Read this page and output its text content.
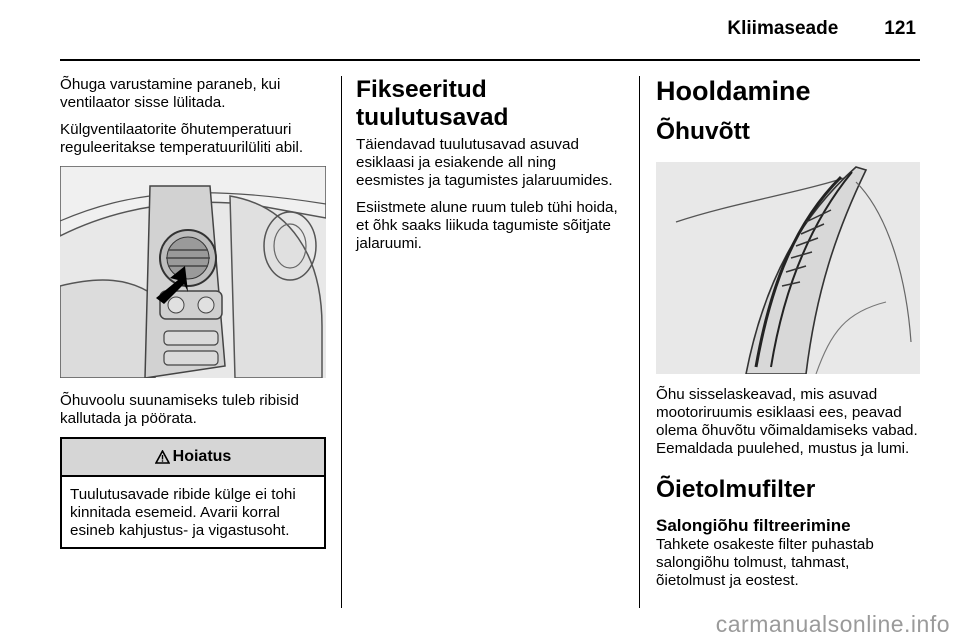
Kliimaseade 121

Õhuga varustamine paraneb, kui ventilaator sisse lülitada.

Külgventilaatorite õhutemperatuuri reguleeritakse temperatuurilüliti abil.

Õhuvoolu suunamiseks tuleb ribisid kallutada ja pöörata.

Hoiatus
Tuulutusavade ribide külge ei tohi kinnitada esemeid. Avarii korral esineb kahjustus- ja vigastusoht.
Fikseeritud tuulutusavad

Täiendavad tuulutusavad asuvad esiklaasi ja esiakende all ning eesmistes ja tagumistes jalaruumides.

Esiistmete alune ruum tuleb tühi hoida, et õhk saaks liikuda tagumiste sõitjate jalaruumi.

Hooldamine
Õhuvõtt

Õhu sisselaskeavad, mis asuvad mootoriruumis esiklaasi ees, peavad olema õhuvõtu võimaldamiseks vabad. Eemaldada puulehed, mustus ja lumi.

Õietolmufilter
Salongiõhu filtreerimine

Tahkete osakeste filter puhastab salongiõhu tolmust, tahmast, õietolmust ja eostest.

carmanualsonline.info
